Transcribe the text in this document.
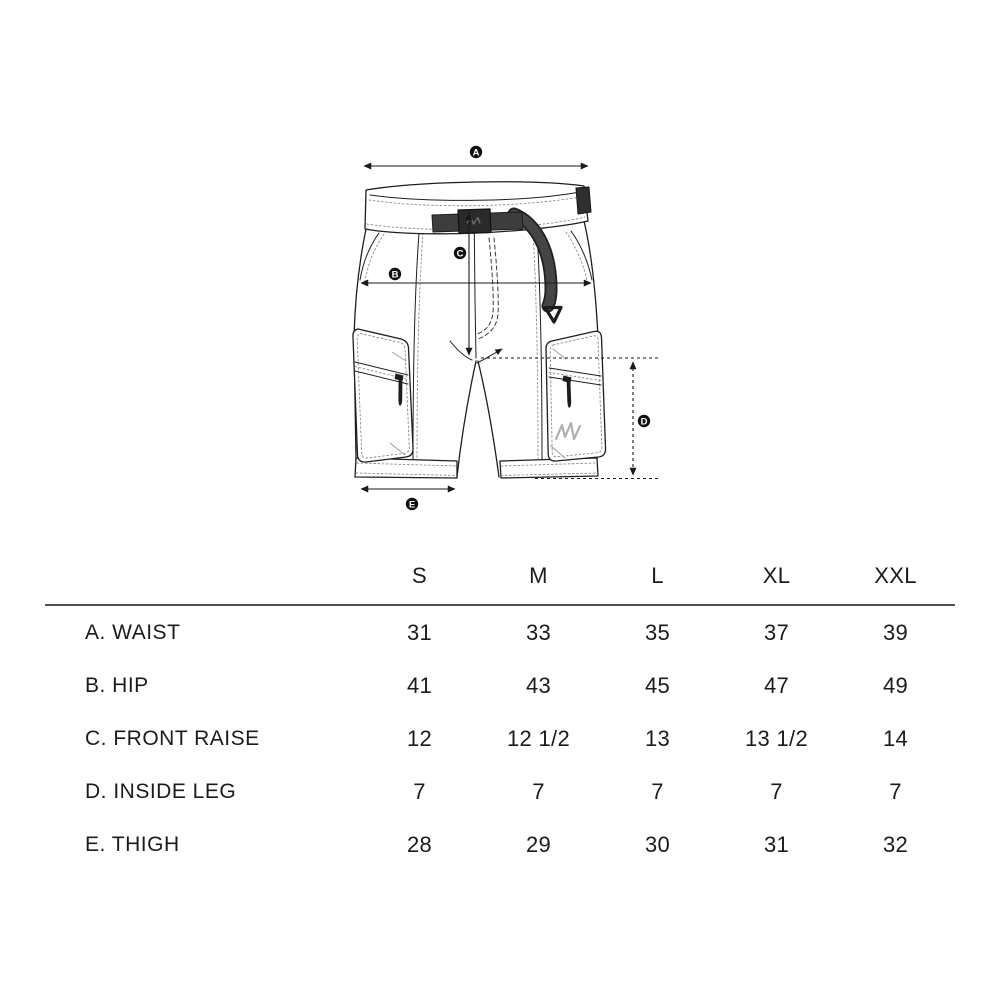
A
B
C
D
E
S	M	L	XL	XXL
A. WAIST	31	33	35	37	39
B. HIP	41	43	45	47	49
C. FRONT RAISE	12	12 1/2	13	13 1/2	14
D. INSIDE LEG	7	7	7	7	7
E. THIGH	28	29	30	31	32
